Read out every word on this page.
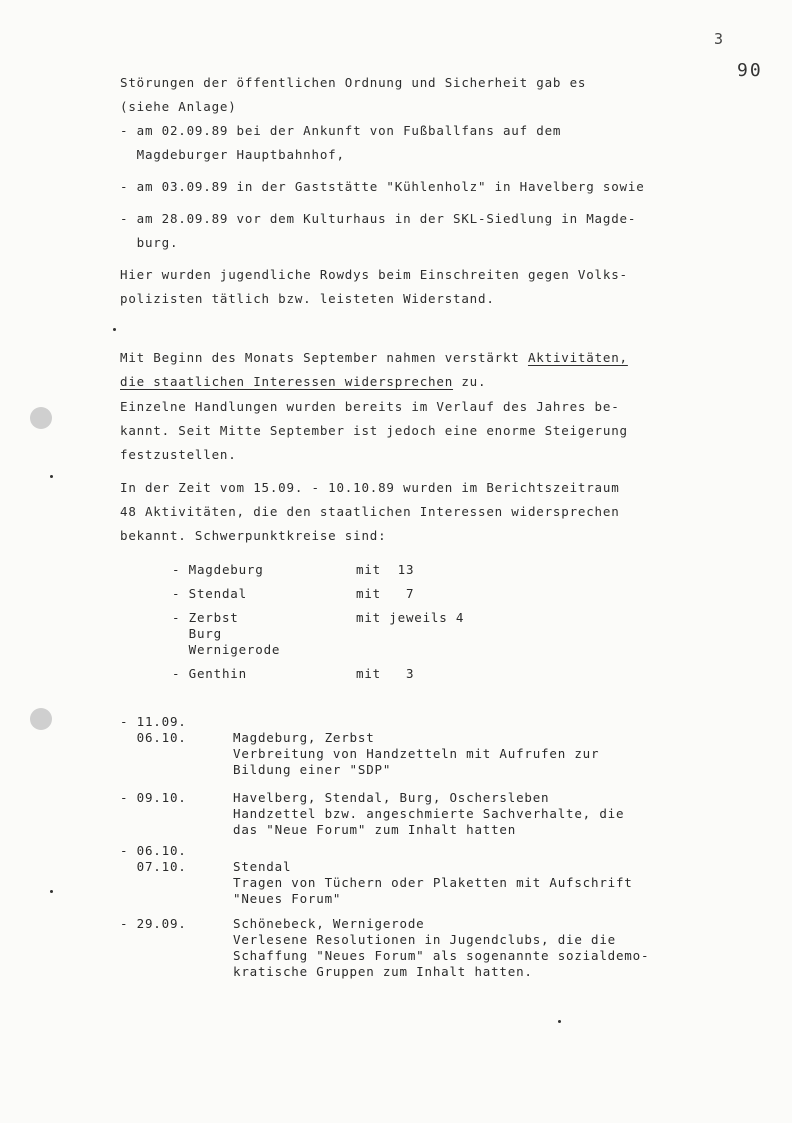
3
90
Störungen der öffentlichen Ordnung und Sicherheit gab es
(siehe Anlage)
- am 02.09.89 bei der Ankunft von Fußballfans auf dem
Magdeburger Hauptbahnhof,
- am 03.09.89 in der Gaststätte "Kühlenholz" in Havelberg sowie
- am 28.09.89 vor dem Kulturhaus in der SKL-Siedlung in Magde-
burg.
Hier wurden jugendliche Rowdys beim Einschreiten gegen Volks-
polizisten tätlich bzw. leisteten Widerstand.
Mit Beginn des Monats September nahmen verstärkt Aktivitäten,
die staatlichen Interessen widersprechen zu.
Einzelne Handlungen wurden bereits im Verlauf des Jahres be-
kannt. Seit Mitte September ist jedoch eine enorme Steigerung
festzustellen.
In der Zeit vom 15.09. - 10.10.89 wurden im Berichtszeitraum
48 Aktivitäten, die den staatlichen Interessen widersprechen
bekannt. Schwerpunktkreise sind:
- Magdeburg	mit  13
- Stendal	mit   7
- Zerbst	mit jeweils 4
Burg
Wernigerode
- Genthin	mit   3
- 11.09.
06.10.	Magdeburg, Zerbst
Verbreitung von Handzetteln mit Aufrufen zur
Bildung einer "SDP"
- 09.10.	Havelberg, Stendal, Burg, Oschersleben
Handzettel bzw. angeschmierte Sachverhalte, die
das "Neue Forum" zum Inhalt hatten
- 06.10.
07.10.	Stendal
Tragen von Tüchern oder Plaketten mit Aufschrift
"Neues Forum"
- 29.09.	Schönebeck, Wernigerode
Verlesene Resolutionen in Jugendclubs, die die
Schaffung "Neues Forum" als sogenannte sozialdemo-
kratische Gruppen zum Inhalt hatten.
